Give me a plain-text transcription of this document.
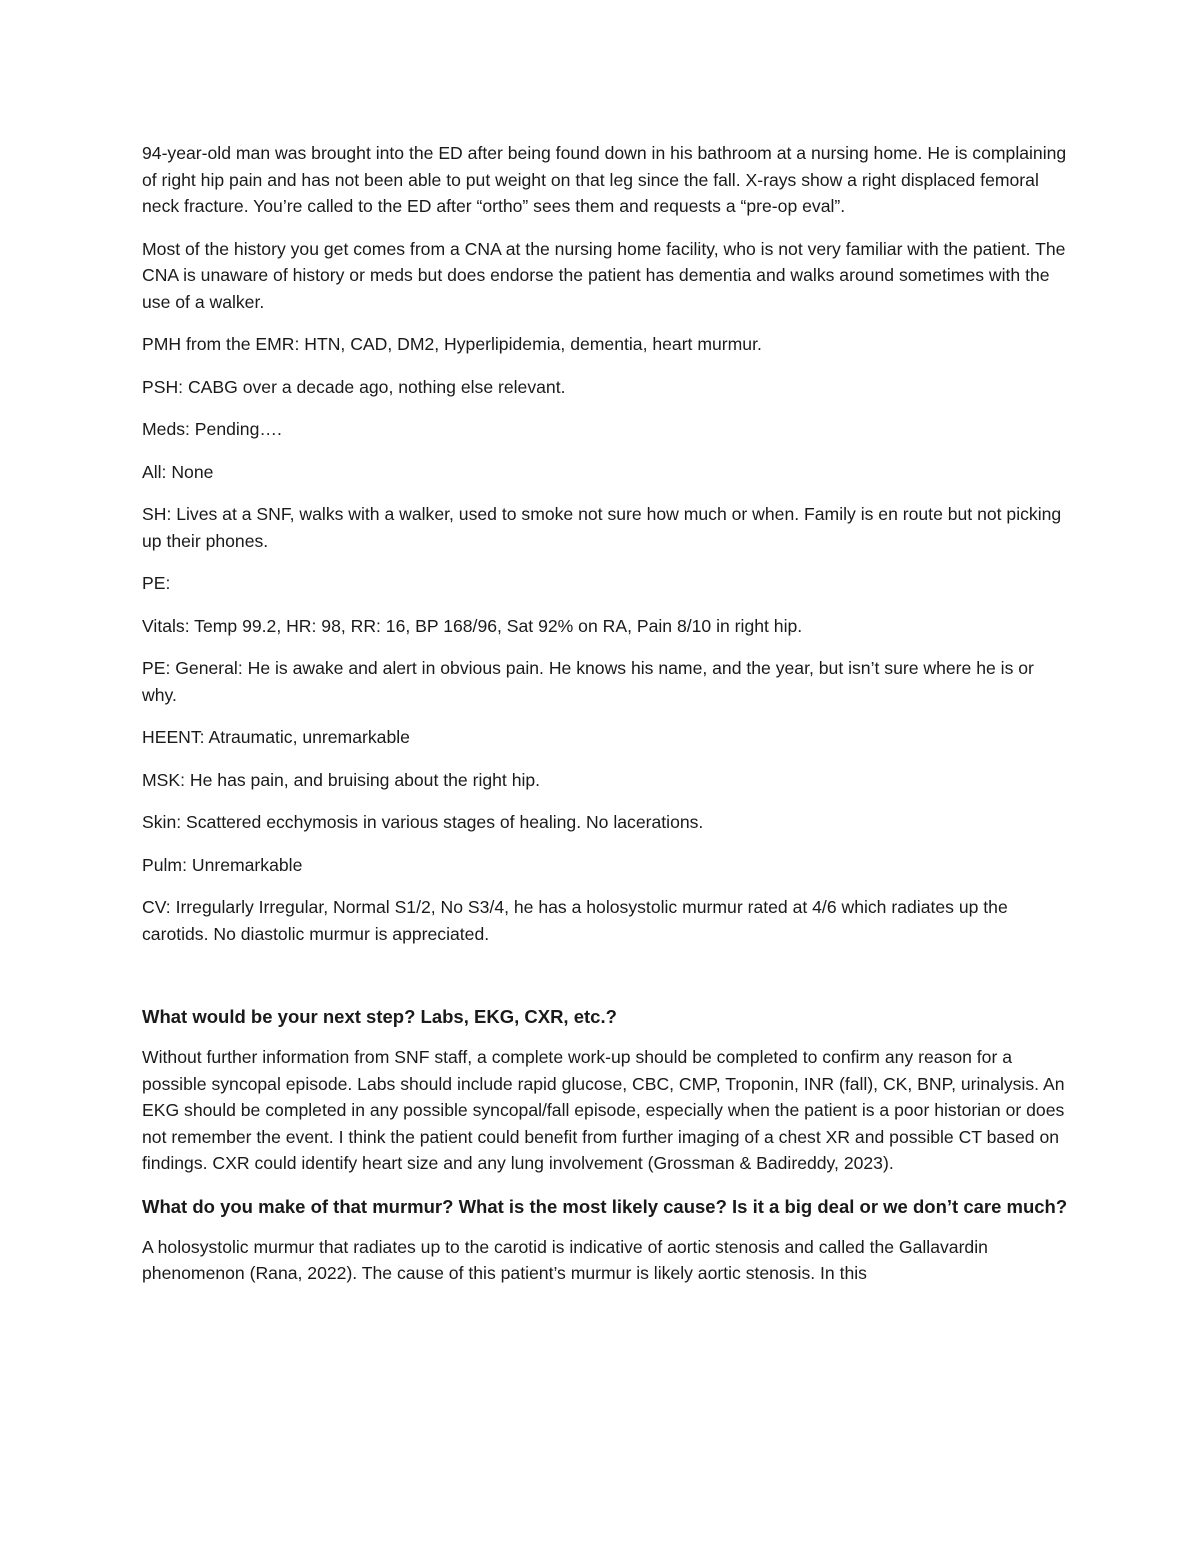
94-year-old man was brought into the ED after being found down in his bathroom at a nursing home. He is complaining of right hip pain and has not been able to put weight on that leg since the fall. X-rays show a right displaced femoral neck fracture. You’re called to the ED after “ortho” sees them and requests a “pre-op eval”.

Most of the history you get comes from a CNA at the nursing home facility, who is not very familiar with the patient. The CNA is unaware of history or meds but does endorse the patient has dementia and walks around sometimes with the use of a walker.

PMH from the EMR: HTN, CAD, DM2, Hyperlipidemia, dementia, heart murmur.

PSH: CABG over a decade ago, nothing else relevant.

Meds: Pending….

All: None

SH: Lives at a SNF, walks with a walker, used to smoke not sure how much or when. Family is en route but not picking up their phones.

PE:

Vitals: Temp 99.2, HR: 98, RR: 16, BP 168/96, Sat 92% on RA, Pain 8/10 in right hip.

PE: General: He is awake and alert in obvious pain. He knows his name, and the year, but isn’t sure where he is or why.

HEENT: Atraumatic, unremarkable

MSK: He has pain, and bruising about the right hip.

Skin: Scattered ecchymosis in various stages of healing. No lacerations.

Pulm: Unremarkable

CV: Irregularly Irregular, Normal S1/2, No S3/4, he has a holosystolic murmur rated at 4/6 which radiates up the carotids. No diastolic murmur is appreciated.

What would be your next step? Labs, EKG, CXR, etc.?

Without further information from SNF staff, a complete work-up should be completed to confirm any reason for a possible syncopal episode. Labs should include rapid glucose, CBC, CMP, Troponin, INR (fall), CK, BNP, urinalysis. An EKG should be completed in any possible syncopal/fall episode, especially when the patient is a poor historian or does not remember the event. I think the patient could benefit from further imaging of a chest XR and possible CT based on findings. CXR could identify heart size and any lung involvement (Grossman & Badireddy, 2023).

What do you make of that murmur? What is the most likely cause? Is it a big deal or we don’t care much?

A holosystolic murmur that radiates up to the carotid is indicative of aortic stenosis and called the Gallavardin phenomenon (Rana, 2022). The cause of this patient’s murmur is likely aortic stenosis. In this
